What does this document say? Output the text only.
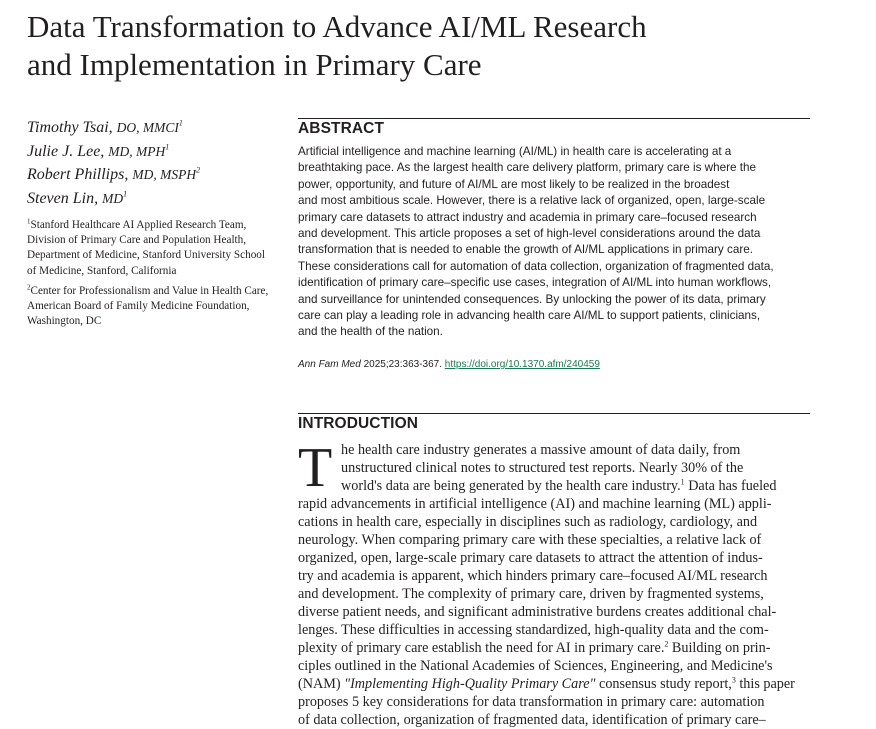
Data Transformation to Advance AI/ML Research
and Implementation in Primary Care

Timothy Tsai, DO, MMCI$^1$

Julie J. Lee, MD, MPH$^1$

Robert Phillips, MD, MSPH$^2$

Steven Lin, $MD^1$

$^1$Stanford Healthcare AI Applied Research Team, Division of Primary Care and Population Health, Department of Medicine, Stanford University School of Medicine, Stanford, California

$^2$Center for Professionalism and Value in Health Care, American Board of Family Medicine Foundation, Washington, DC

ABSTRACT

Artificial intelligence and machine learning (AI/ML) in health care is accelerating at a
breathtaking pace. As the largest health care delivery platform, primary care is where the
power, opportunity, and future of AI/ML are most likely to be realized in the broadest
and most ambitious scale. However, there is a relative lack of organized, open, large-scale
primary care datasets to attract industry and academia in primary care–focused research
and development. This article proposes a set of high-level considerations around the data
transformation that is needed to enable the growth of AI/ML applications in primary care.
These considerations call for automation of data collection, organization of fragmented data,
identification of primary care–specific use cases, integration of AI/ML into human workflows,
and surveillance for unintended consequences. By unlocking the power of its data, primary
care can play a leading role in advancing health care AI/ML to support patients, clinicians,
and the health of the nation.

Ann Fam Med 2025;23:363-367. https://doi.org/10.1370.afm/240459
INTRODUCTION
T he health care industry generates a massive amount of data daily, from
unstructured clinical notes to structured test reports. Nearly 30% of the
world's data are being generated by the health care industry.$^1$ Data has fueled
rapid advancements in artificial intelligence (AI) and machine learning (ML) appli-
cations in health care, especially in disciplines such as radiology, cardiology, and
neurology. When comparing primary care with these specialties, a relative lack of
organized, open, large-scale primary care datasets to attract the attention of indus-
try and academia is apparent, which hinders primary care–focused AI/ML research
and development. The complexity of primary care, driven by fragmented systems,
diverse patient needs, and significant administrative burdens creates additional chal-
lenges. These difficulties in accessing standardized, high-quality data and the com-
plexity of primary care establish the need for AI in primary care.$^2$ Building on prin-
ciples outlined in the National Academies of Sciences, Engineering, and Medicine's
(NAM) "Implementing High-Quality Primary Care" consensus study report,$^3$ this paper
proposes 5 key considerations for data transformation in primary care: automation
of data collection, organization of fragmented data, identification of primary care–
